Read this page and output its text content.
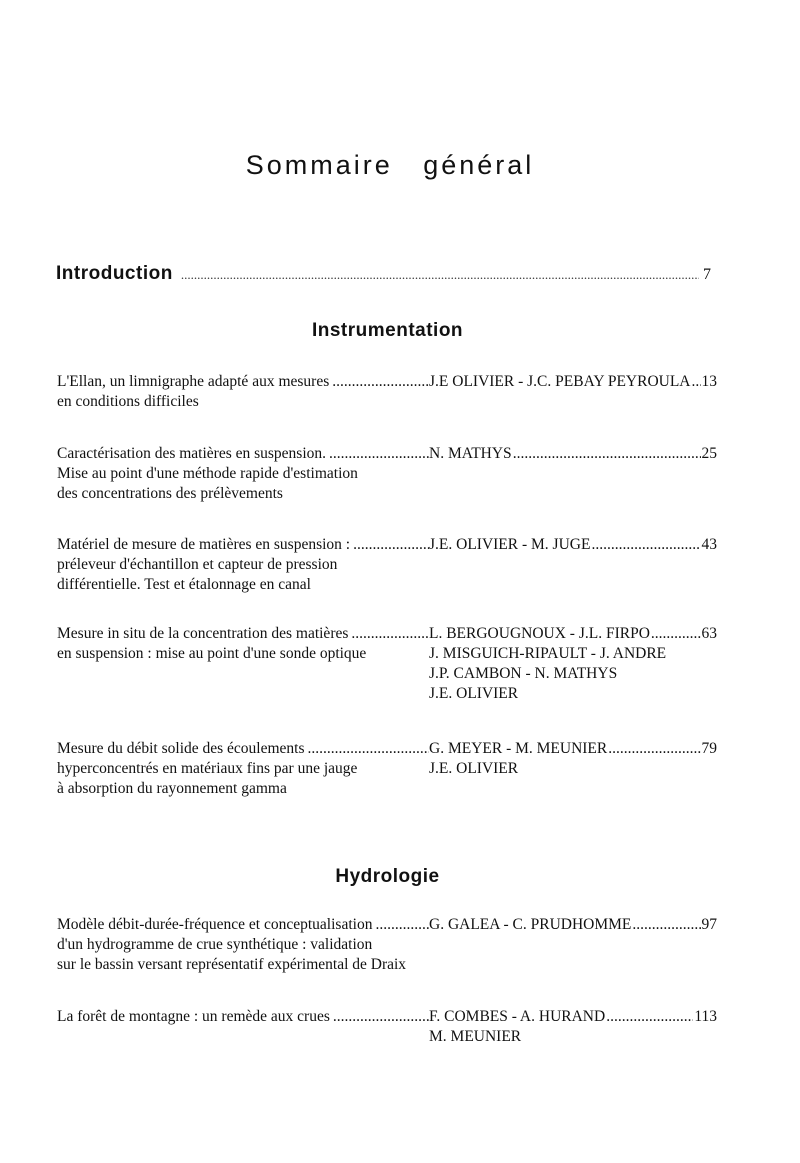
Sommaire général
Introduction .....	7
Instrumentation
L'Ellan, un limnigraphe adapté aux mesures .....	J.E OLIVIER - J.C. PEBAY PEYROULA ..... 13
en conditions difficiles
Caractérisation des matières en suspension. .....	N. MATHYS .....	25
Mise au point d'une méthode rapide d'estimation
des concentrations des prélèvements
Matériel de mesure de matières en suspension : .....	J.E. OLIVIER - M. JUGE .....	43
préleveur d'échantillon et capteur de pression
différentielle. Test et étalonnage en canal
Mesure in situ de la concentration des matières .....	L. BERGOUGNOUX - J.L. FIRPO .....	63
en suspension : mise au point d'une sonde optique	J. MISGUICH-RIPAULT - J. ANDRE
J.P. CAMBON - N. MATHYS
J.E. OLIVIER
Mesure du débit solide des écoulements .....	G. MEYER - M. MEUNIER .....	79
hyperconcentrés en matériaux fins par une jauge	J.E. OLIVIER
à absorption du rayonnement gamma
Hydrologie
Modèle débit-durée-fréquence et conceptualisation .....	G. GALEA - C. PRUDHOMME .....	97
d'un hydrogramme de crue synthétique : validation
sur le bassin versant représentatif expérimental de Draix
La forêt de montagne : un remède aux crues .....	F. COMBES - A. HURAND .....	113
M. MEUNIER
